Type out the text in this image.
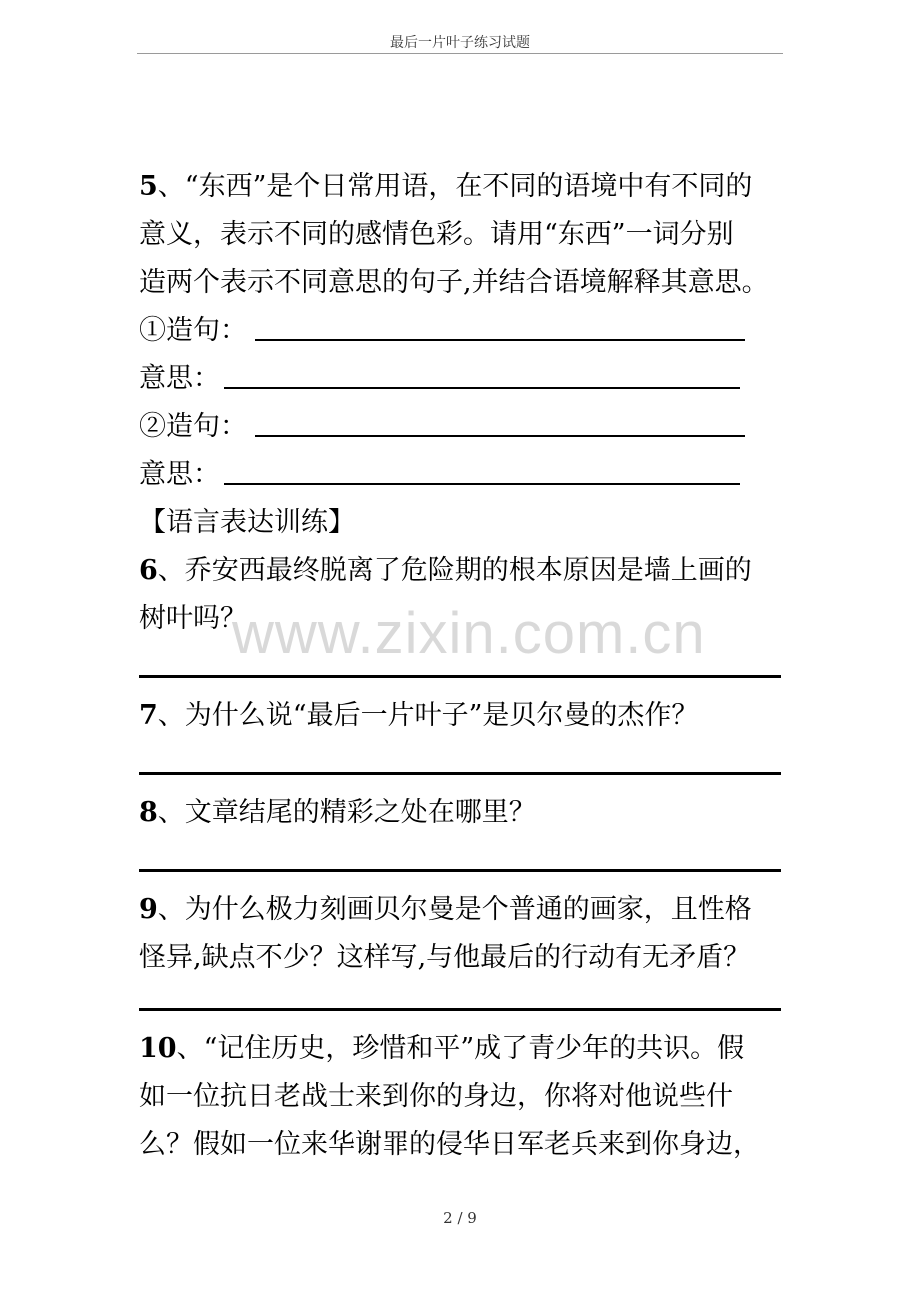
最后一片叶子练习试题
5、“东西”是个日常用语，在不同的语境中有不同的
意义，表示不同的感情色彩。请用“东西”一词分别
造两个表示不同意思的句子,并结合语境解释其意思。
①造句：
意思：
②造句：
意思：
【语言表达训练】
6、乔安西最终脱离了危险期的根本原因是墙上画的
树叶吗？
7、为什么说“最后一片叶子”是贝尔曼的杰作？
8、文章结尾的精彩之处在哪里？
9、为什么极力刻画贝尔曼是个普通的画家，且性格
怪异,缺点不少？这样写,与他最后的行动有无矛盾？
10、“记住历史，珍惜和平”成了青少年的共识。假
如一位抗日老战士来到你的身边，你将对他说些什
么？假如一位来华谢罪的侵华日军老兵来到你身边，
www.zixin.com.cn
2 / 9
